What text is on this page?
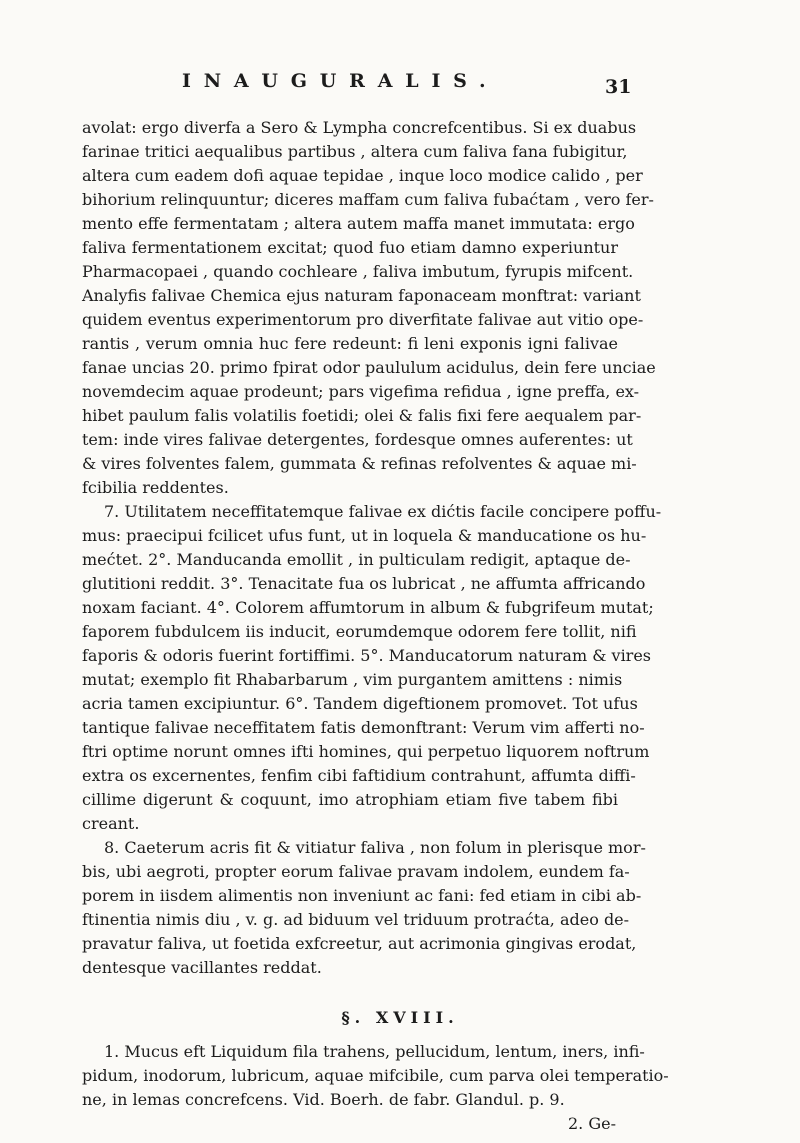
INAUGURALIS.	31
avolat: ergo diverfa a Sero & Lympha concrefcentibus. Si ex duabus
farinae tritici aequalibus partibus , altera cum faliva fana fubigitur,
altera cum eadem dofi aquae tepidae , inque loco modice calido , per
bihorium relinquuntur; diceres maffam cum faliva fubaćtam , vero fer-
mento effe fermentatam ; altera autem maffa manet immutata: ergo
faliva fermentationem excitat; quod fuo etiam damno experiuntur
Pharmacopaei , quando cochleare , faliva imbutum, fyrupis mifcent.
Analyfis falivae Chemica ejus naturam faponaceam monftrat: variant
quidem eventus experimentorum pro diverfitate falivae aut vitio ope-
rantis , verum omnia huc fere redeunt: fi leni exponis igni falivae
fanae uncias 20. primo fpirat odor paululum acidulus, dein fere unciae
novemdecim aquae prodeunt; pars vigefima refidua , igne preffa, ex-
hibet paulum falis volatilis foetidi; olei & falis fixi fere aequalem par-
tem: inde vires falivae detergentes, fordesque omnes auferentes: ut
& vires folventes falem, gummata & refinas refolventes & aquae mi-
fcibilia reddentes.
7. Utilitatem neceffitatemque falivae ex dićtis facile concipere poffu-
mus: praecipui fcilicet ufus funt, ut in loquela & manducatione os hu-
mećtet. 2°. Manducanda emollit , in pulticulam redigit, aptaque de-
glutitioni reddit. 3°. Tenacitate fua os lubricat , ne affumta affricando
noxam faciant. 4°. Colorem affumtorum in album & fubgrifeum mutat;
faporem fubdulcem iis inducit, eorumdemque odorem fere tollit, nifi
faporis & odoris fuerint fortiffimi. 5°. Manducatorum naturam & vires
mutat; exemplo fit Rhabarbarum , vim purgantem amittens : nimis
acria tamen excipiuntur. 6°. Tandem digeftionem promovet. Tot ufus
tantique falivae neceffitatem fatis demonftrant: Verum vim afferti no-
ftri optime norunt omnes ifti homines, qui perpetuo liquorem noftrum
extra os excernentes, fenfim cibi faftidium contrahunt, affumta diffi-
cillime digerunt & coquunt, imo atrophiam etiam five tabem fibi
creant.
8. Caeterum acris fit & vitiatur faliva , non folum in plerisque mor-
bis, ubi aegroti, propter eorum falivae pravam indolem, eundem fa-
porem in iisdem alimentis non inveniunt ac fani: fed etiam in cibi ab-
ftinentia nimis diu , v. g. ad biduum vel triduum protraćta, adeo de-
pravatur faliva, ut foetida exfcreetur, aut acrimonia gingivas erodat,
dentesque vacillantes reddat.
§. XVIII.
1. Mucus eft Liquidum fila trahens, pellucidum, lentum, iners, infi-
pidum, inodorum, lubricum, aquae mifcibile, cum parva olei temperatio-
ne, in lemas concrefcens. Vid. Boerh. de fabr. Glandul. p. 9.
2. Ge-
